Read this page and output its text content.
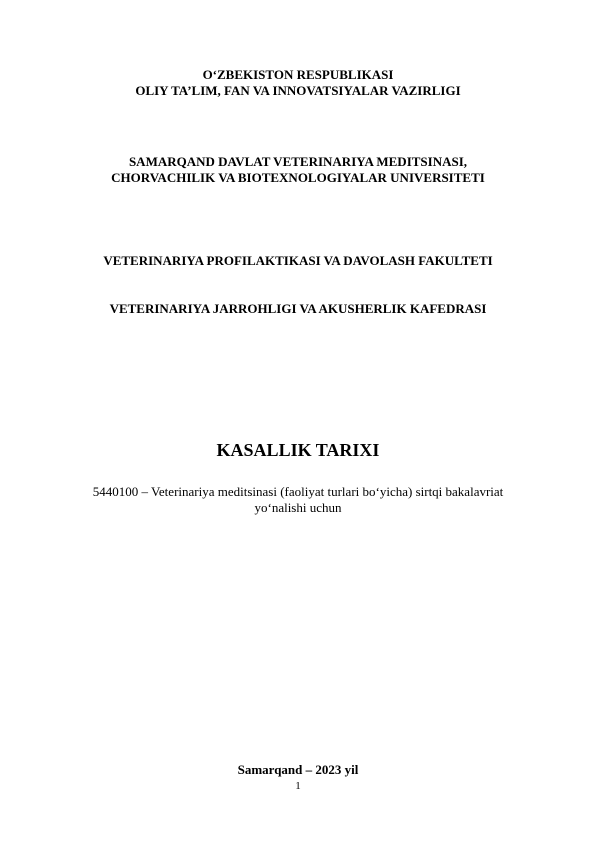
O‘ZBEKISTON RESPUBLIKASI
OLIY TA’LIM, FAN VA INNOVATSIYALAR VAZIRLIGI
SAMARQAND DAVLAT VETERINARIYA MEDITSINASI,
CHORVACHILIK VA BIOTEXNOLOGIYALAR UNIVERSITETI
VETERINARIYA PROFILAKTIKASI VA DAVOLASH FAKULTETI
VETERINARIYA JARROHLIGI VA AKUSHERLIK KAFEDRASI
KASALLIK TARIXI
5440100 – Veterinariya meditsinasi (faoliyat turlari bo‘yicha) sirtqi bakalavriat
yo‘nalishi uchun
Samarqand – 2023 yil
1
